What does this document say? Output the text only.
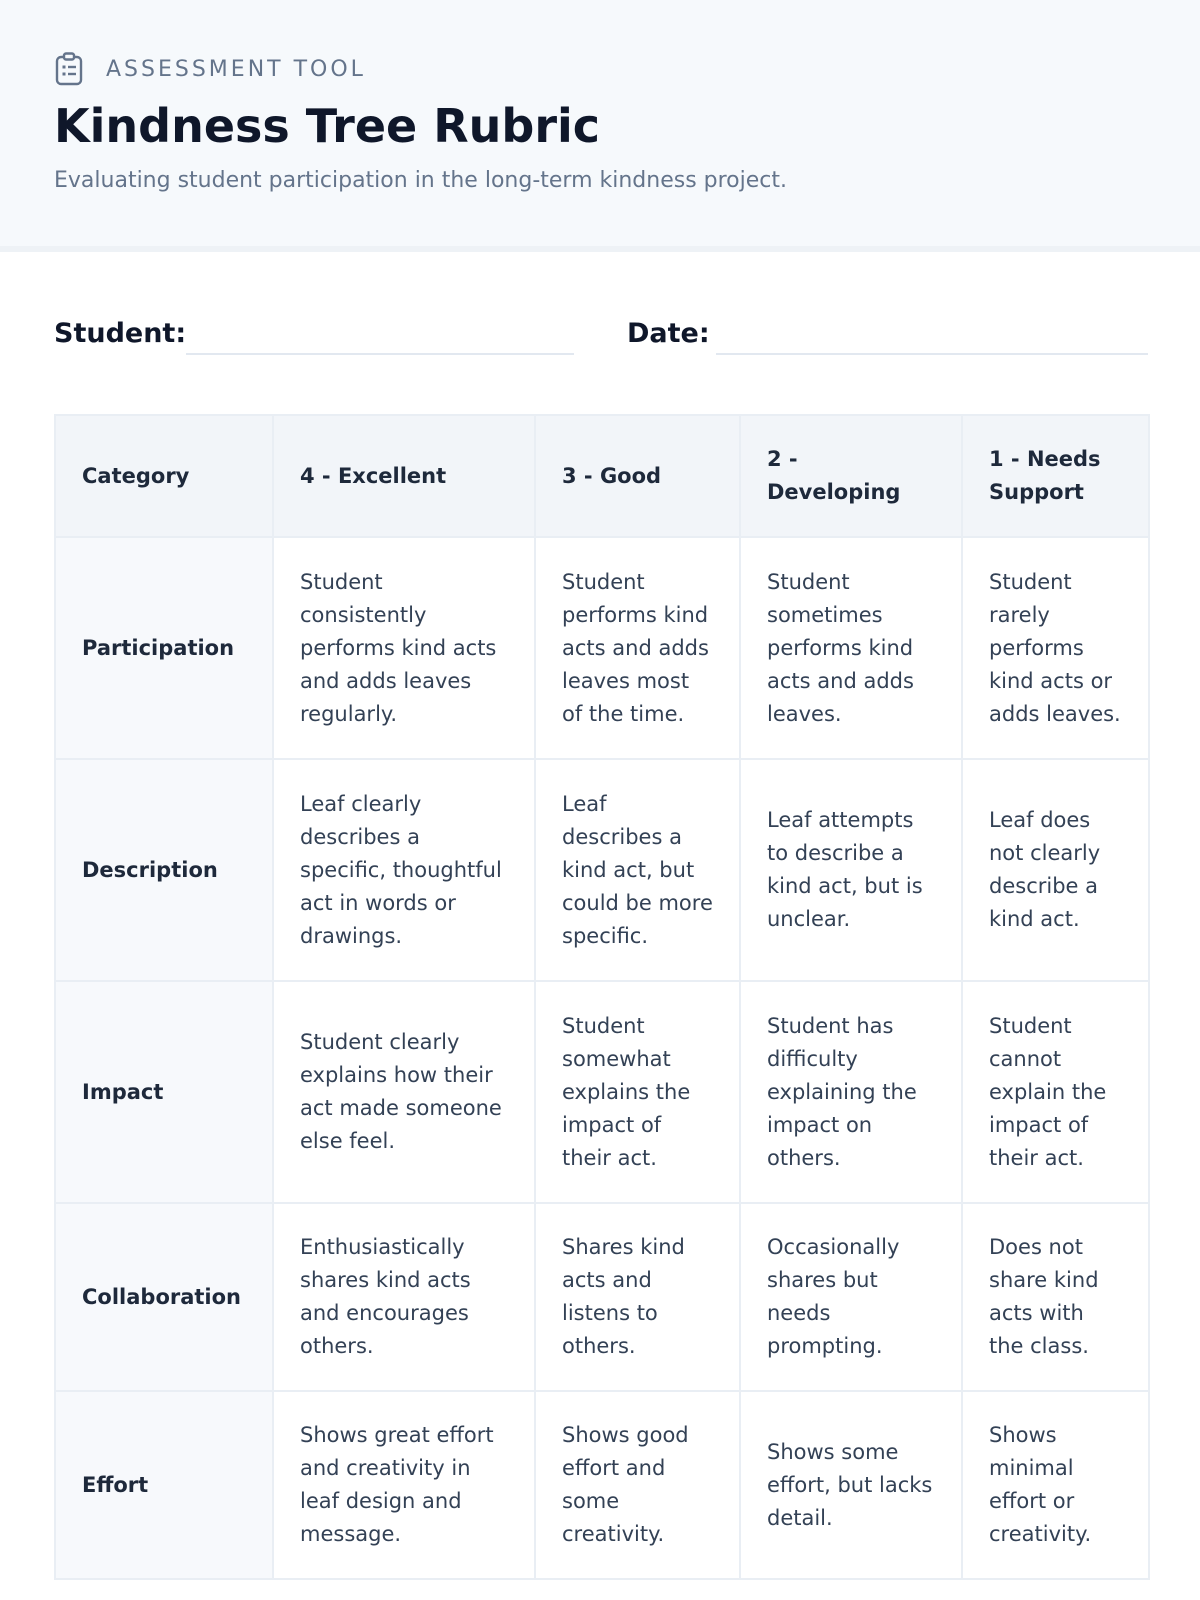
ASSESSMENT TOOL
Kindness Tree Rubric

Evaluating student participation in the long-term kindness project.

Student:	Date:
Category	4 - Excellent	3 - Good	2 - Developing	1 - Needs Support
Participation	Student consistently performs kind acts and adds leaves regularly.	Student performs kind acts and adds leaves most of the time.	Student sometimes performs kind acts and adds leaves.	Student rarely performs kind acts or adds leaves.
Description	Leaf clearly describes a specific, thoughtful act in words or drawings.	Leaf describes a kind act, but could be more specific.	Leaf attempts to describe a kind act, but is unclear.	Leaf does not clearly describe a kind act.
Impact	Student clearly explains how their act made someone else feel.	Student somewhat explains the impact of their act.	Student has difficulty explaining the impact on others.	Student cannot explain the impact of their act.
Collaboration	Enthusiastically shares kind acts and encourages others.	Shares kind acts and listens to others.	Occasionally shares but needs prompting.	Does not share kind acts with the class.
Effort	Shows great effort and creativity in leaf design and message.	Shows good effort and some creativity.	Shows some effort, but lacks detail.	Shows minimal effort or creativity.
